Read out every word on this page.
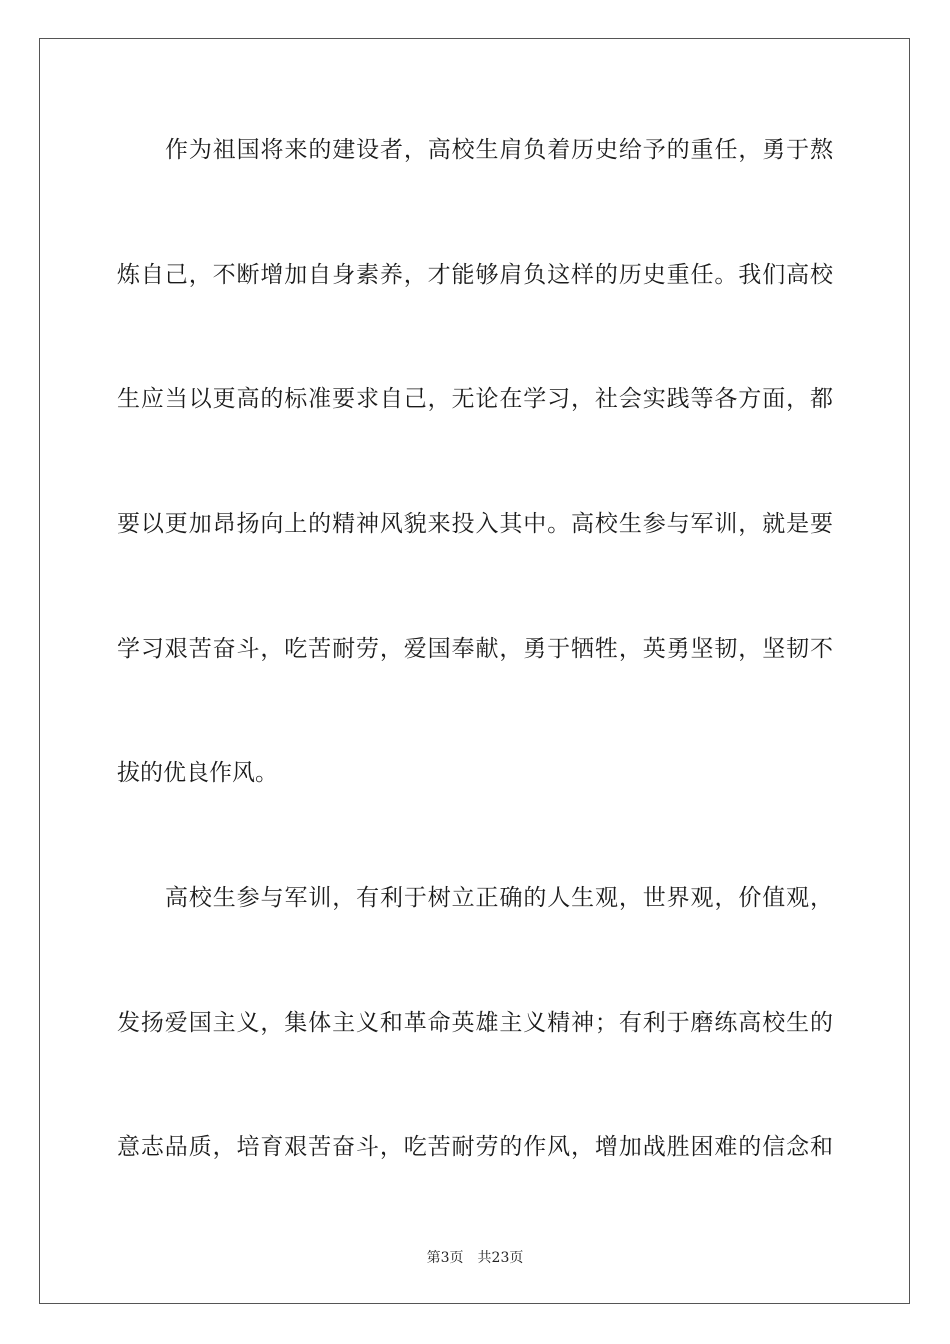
作为祖国将来的建设者，高校生肩负着历史给予的重任，勇于熬
炼自己，不断增加自身素养，才能够肩负这样的历史重任。我们高校
生应当以更高的标准要求自己，无论在学习，社会实践等各方面，都
要以更加昂扬向上的精神风貌来投入其中。高校生参与军训，就是要
学习艰苦奋斗，吃苦耐劳，爱国奉献，勇于牺牲，英勇坚韧，坚韧不
拔的优良作风。
高校生参与军训，有利于树立正确的人生观，世界观，价值观，
发扬爱国主义，集体主义和革命英雄主义精神；有利于磨练高校生的
意志品质，培育艰苦奋斗，吃苦耐劳的作风，增加战胜困难的信念和
第3页　共23页
